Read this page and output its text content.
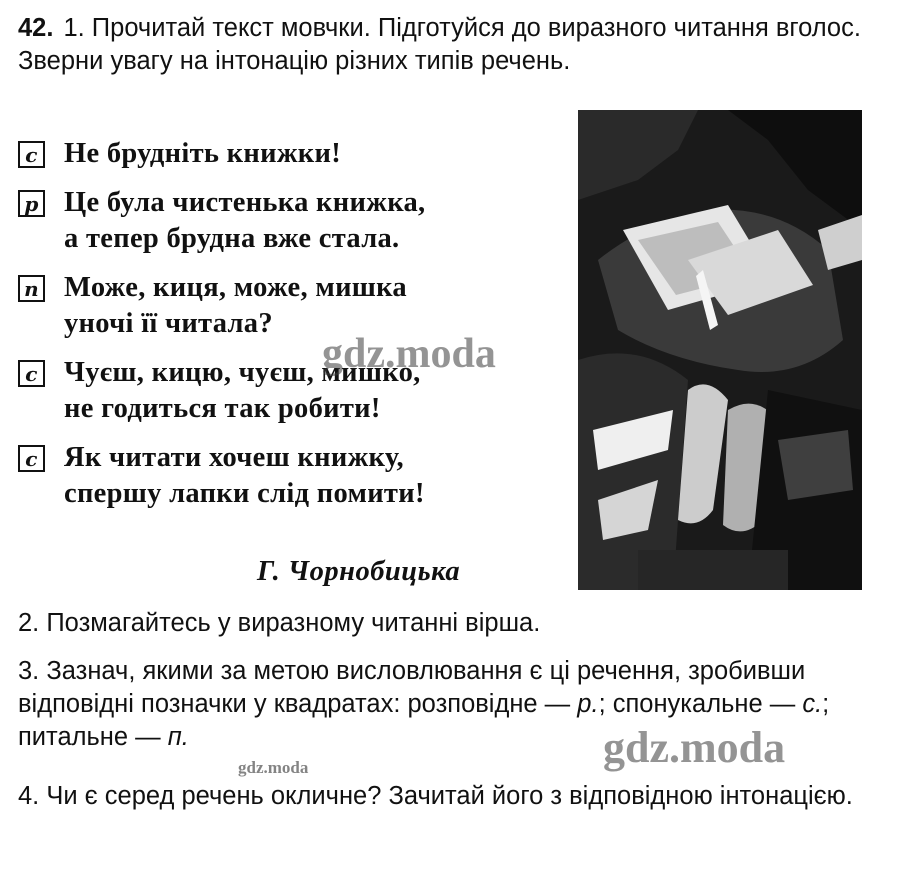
42. 1. Прочитай текст мовчки. Підготуйся до виразного читання вголос. Зверни увагу на інтонацію різних типів речень.
с Не брудніть книжки!
р Це була чистенька книжка,
а тепер брудна вже стала.
п Може, киця, може, мишка
уночі її читала?
с Чуєш, кицю, чуєш, мишко,
не годиться так робити!
с Як читати хочеш книжку,
спершу лапки слід помити!
Г. Чорнобицька
gdz.moda
2. Позмагайтесь у виразному читанні вірша.
3. Зазнач, якими за метою висловлювання є ці речення, зробивши відповідні позначки у квадратах: розповідне — р.; спонукальне — с.; питальне — п.	gdz.moda
gdz.moda
4. Чи є серед речень окличне? Зачитай його з відповідною інтонацією.
